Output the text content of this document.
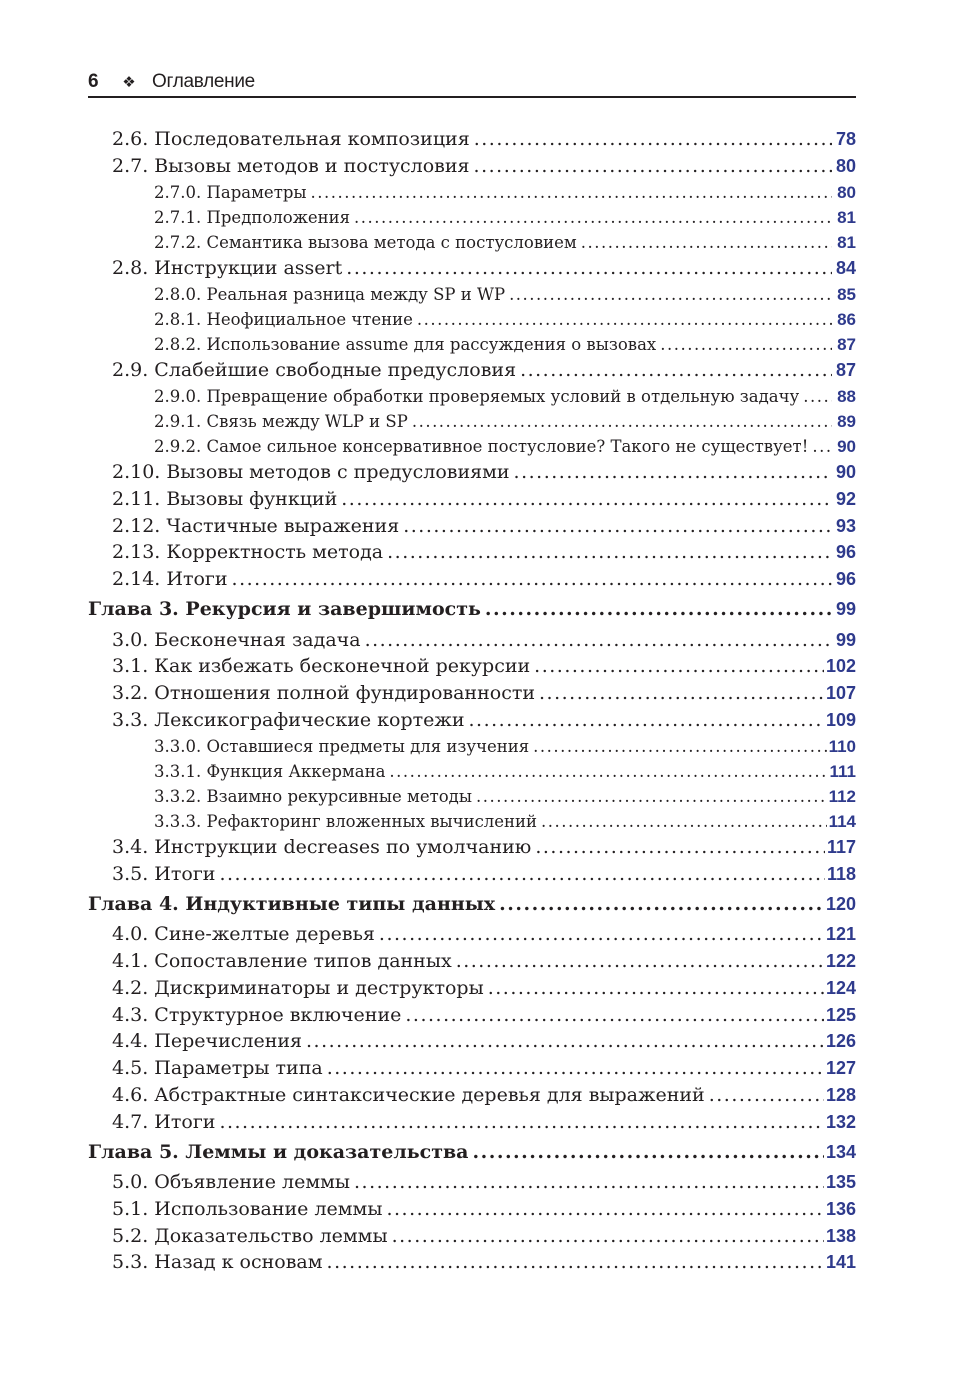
6	❖ Оглавление
2.6. Последовательная композиция .....	78
2.7. Вызовы методов и постусловия .....	80
2.7.0. Параметры .....	80
2.7.1. Предположения .....	81
2.7.2. Семантика вызова метода с постусловием .....	81
2.8. Инструкции assert .....	84
2.8.0. Реальная разница между SP и WP .....	85
2.8.1. Неофициальное чтение .....	86
2.8.2. Использование assume для рассуждения о вызовах .....	87
2.9. Слабейшие свободные предусловия .....	87
2.9.0. Превращение обработки проверяемых условий в отдельную задачу ..... 88
2.9.1. Связь между WLP и SP .....	89
2.9.2. Самое сильное консервативное постусловие? Такого не существует! ..... 90
2.10. Вызовы методов с предусловиями .....	90
2.11. Вызовы функций .....	92
2.12. Частичные выражения .....	93
2.13. Корректность метода .....	96
2.14. Итоги .....	96
Глава 3. Рекурсия и завершимость .....	99
3.0. Бесконечная задача .....	99
3.1. Как избежать бесконечной рекурсии .....	102
3.2. Отношения полной фундированности .....	107
3.3. Лексикографические кортежи .....	109
3.3.0. Оставшиеся предметы для изучения .....	110
3.3.1. Функция Аккермана .....	111
3.3.2. Взаимно рекурсивные методы .....	112
3.3.3. Рефакторинг вложенных вычислений .....	114
3.4. Инструкции decreases по умолчанию .....	117
3.5. Итоги .....	118
Глава 4. Индуктивные типы данных .....	120
4.0. Сине-желтые деревья .....	121
4.1. Сопоставление типов данных .....	122
4.2. Дискриминаторы и деструкторы .....	124
4.3. Структурное включение .....	125
4.4. Перечисления .....	126
4.5. Параметры типа .....	127
4.6. Абстрактные синтаксические деревья для выражений .....	128
4.7. Итоги .....	132
Глава 5. Леммы и доказательства .....	134
5.0. Объявление леммы .....	135
5.1. Использование леммы .....	136
5.2. Доказательство леммы .....	138
5.3. Назад к основам .....	141
